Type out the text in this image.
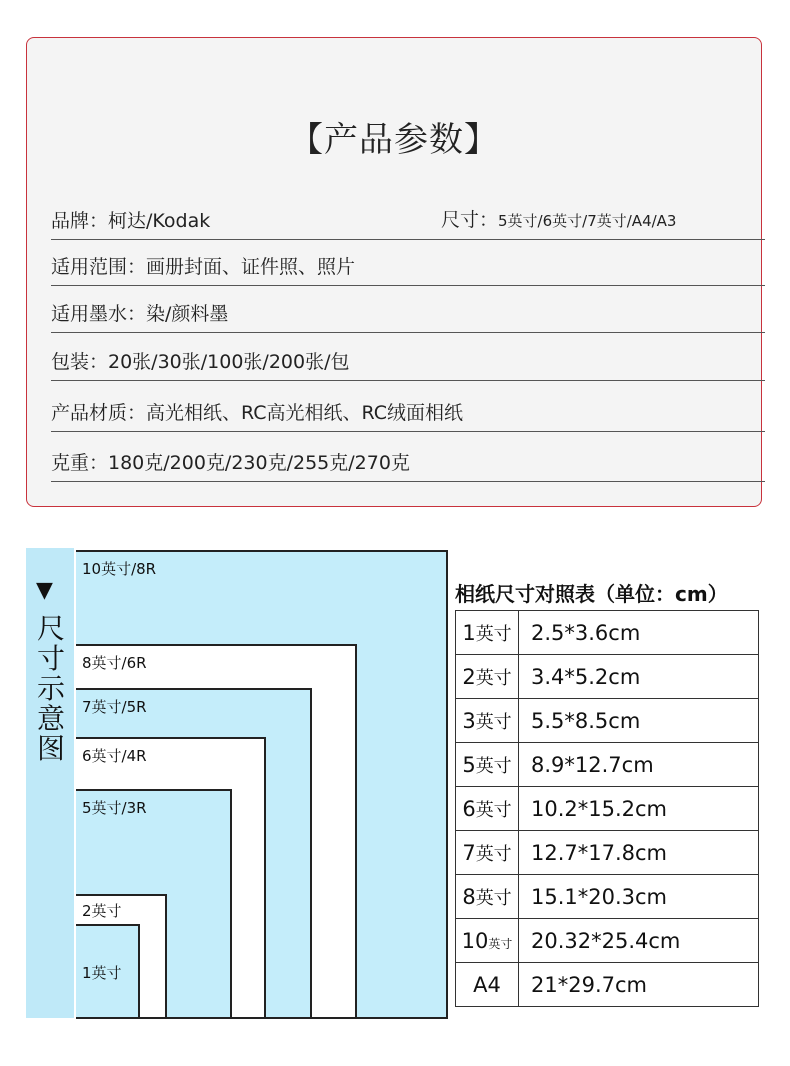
【产品参数】
品牌：柯达/Kodak	尺寸：5英寸/6英寸/7英寸/A4/A3
适用范围：画册封面、证件照、照片
适用墨水：染/颜料墨
包装：20张/30张/100张/200张/包
产品材质：高光相纸、RC高光相纸、RC绒面相纸
克重：180克/200克/230克/255克/270克
▼
尺寸示意图
10英寸/8R
8英寸/6R
7英寸/5R
6英寸/4R
5英寸/3R
2英寸
1英寸
相纸尺寸对照表（单位：cm）
1英寸	2.5*3.6cm
2英寸	3.4*5.2cm
3英寸	5.5*8.5cm
5英寸	8.9*12.7cm
6英寸	10.2*15.2cm
7英寸	12.7*17.8cm
8英寸	15.1*20.3cm
10英寸	20.32*25.4cm
A4	21*29.7cm
